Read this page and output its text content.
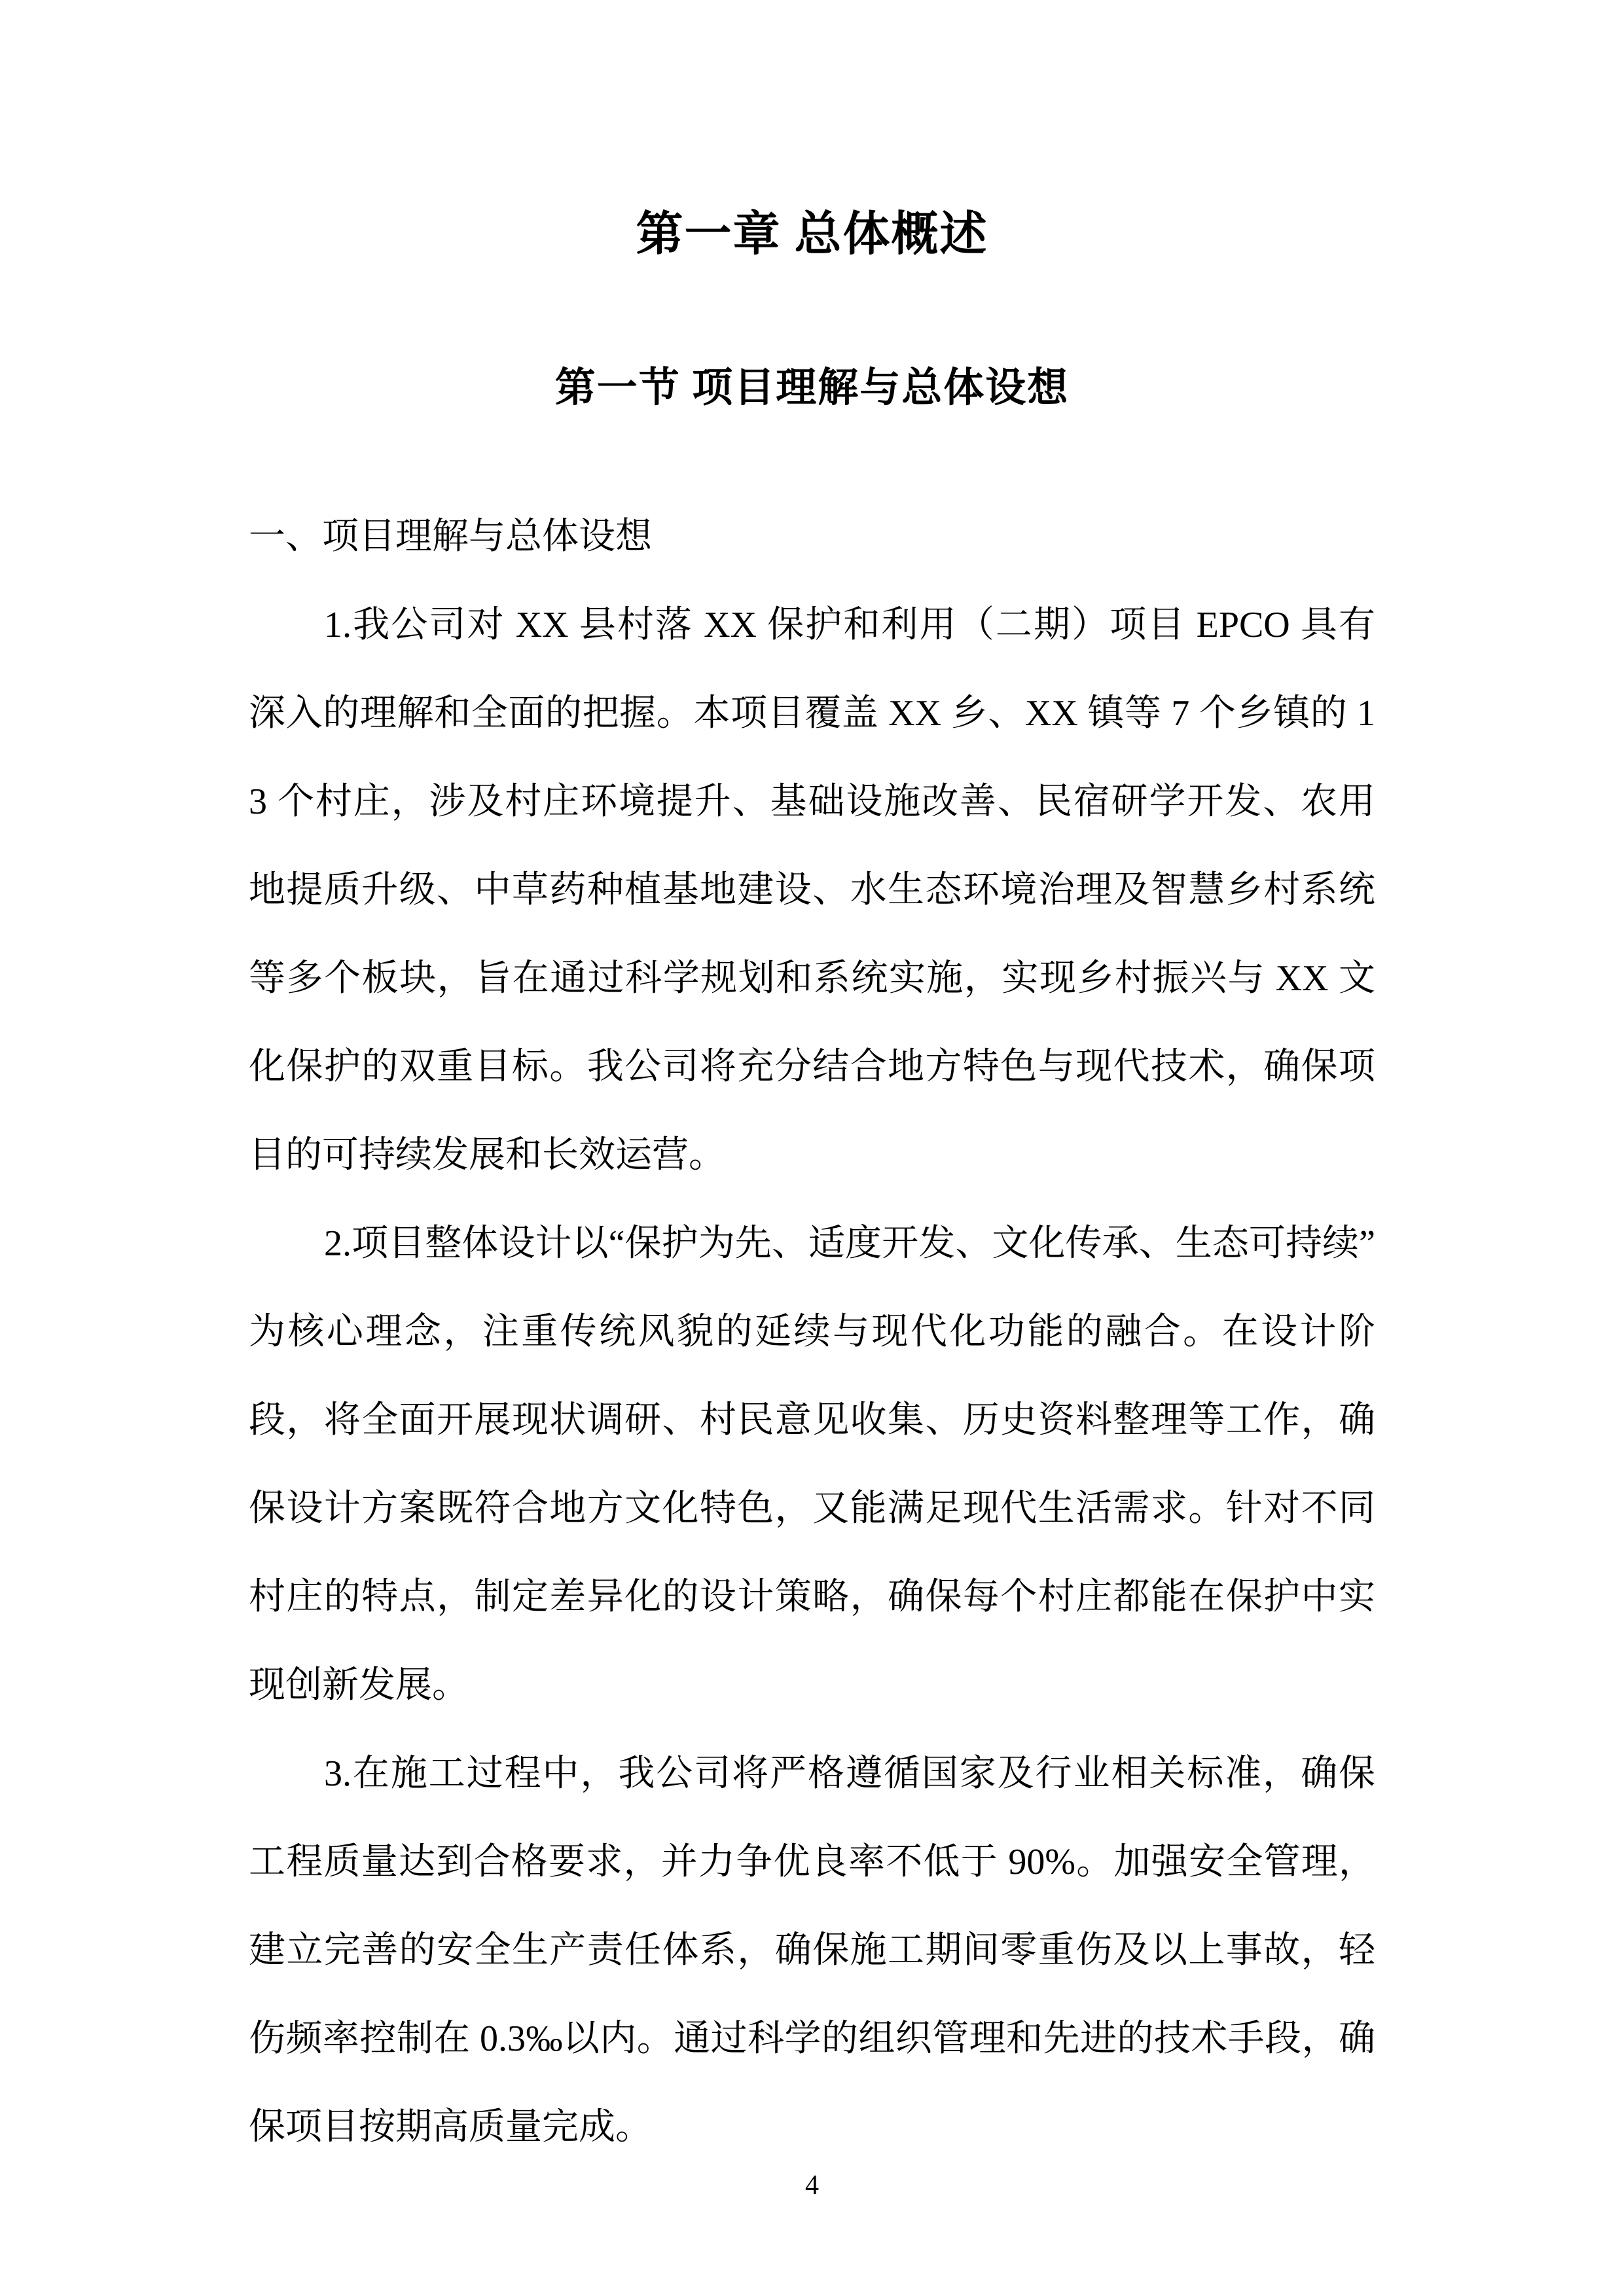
第一章 总体概述
第一节 项目理解与总体设想

一、项目理解与总体设想

1.我公司对 XX 县村落 XX 保护和利用（二期）项目 EPCO 具有深入的理解和全面的把握。本项目覆盖 XX 乡、XX 镇等 7 个乡镇的 13 个村庄，涉及村庄环境提升、基础设施改善、民宿研学开发、农用地提质升级、中草药种植基地建设、水生态环境治理及智慧乡村系统等多个板块，旨在通过科学规划和系统实施，实现乡村振兴与 XX 文化保护的双重目标。我公司将充分结合地方特色与现代技术，确保项目的可持续发展和长效运营。

2.项目整体设计以“保护为先、适度开发、文化传承、生态可持续”为核心理念，注重传统风貌的延续与现代化功能的融合。在设计阶段，将全面开展现状调研、村民意见收集、历史资料整理等工作，确保设计方案既符合地方文化特色，又能满足现代生活需求。针对不同村庄的特点，制定差异化的设计策略，确保每个村庄都能在保护中实现创新发展。

3.在施工过程中，我公司将严格遵循国家及行业相关标准，确保工程质量达到合格要求，并力争优良率不低于 90%。加强安全管理，建立完善的安全生产责任体系，确保施工期间零重伤及以上事故，轻伤频率控制在 0.3‰以内。通过科学的组织管理和先进的技术手段，确保项目按期高质量完成。

4
